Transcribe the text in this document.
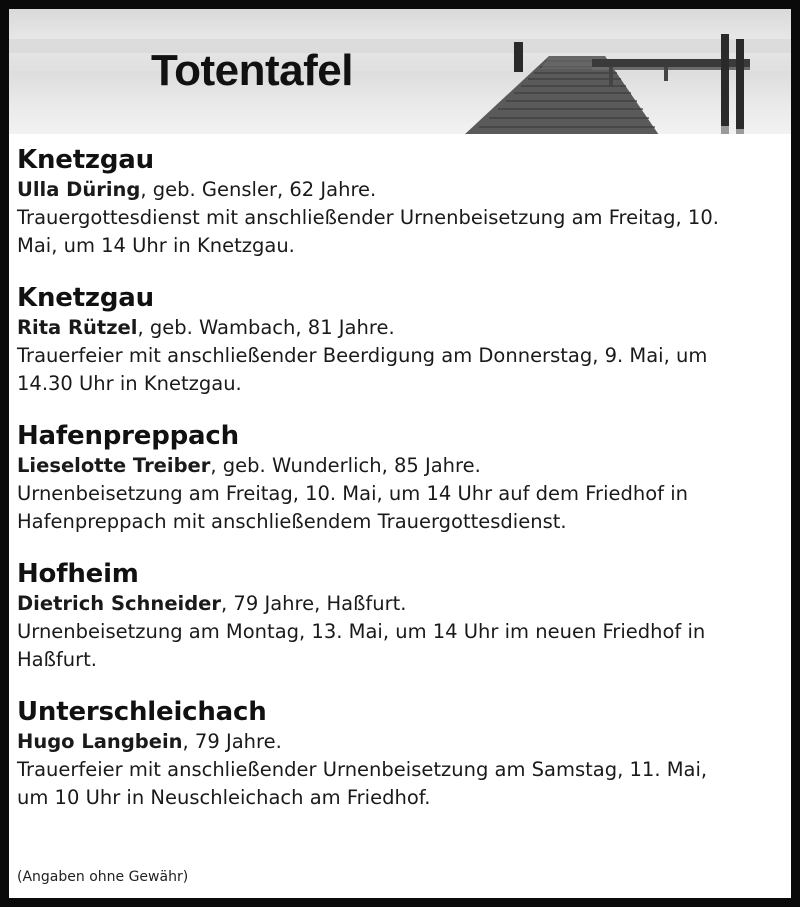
Totentafel
Knetzgau
Ulla Düring, geb. Gensler, 62 Jahre.
Trauergottesdienst mit anschließender Urnenbeisetzung am Freitag, 10.
Mai, um 14 Uhr in Knetzgau.
Knetzgau
Rita Rützel, geb. Wambach, 81 Jahre.
Trauerfeier mit anschließender Beerdigung am Donnerstag, 9. Mai, um
14.30 Uhr in Knetzgau.
Hafenpreppach
Lieselotte Treiber, geb. Wunderlich, 85 Jahre.
Urnenbeisetzung am Freitag, 10. Mai, um 14 Uhr auf dem Friedhof in
Hafenpreppach mit anschließendem Trauergottesdienst.
Hofheim
Dietrich Schneider, 79 Jahre, Haßfurt.
Urnenbeisetzung am Montag, 13. Mai, um 14 Uhr im neuen Friedhof in
Haßfurt.
Unterschleichach
Hugo Langbein, 79 Jahre.
Trauerfeier mit anschließender Urnenbeisetzung am Samstag, 11. Mai,
um 10 Uhr in Neuschleichach am Friedhof.
(Angaben ohne Gewähr)
